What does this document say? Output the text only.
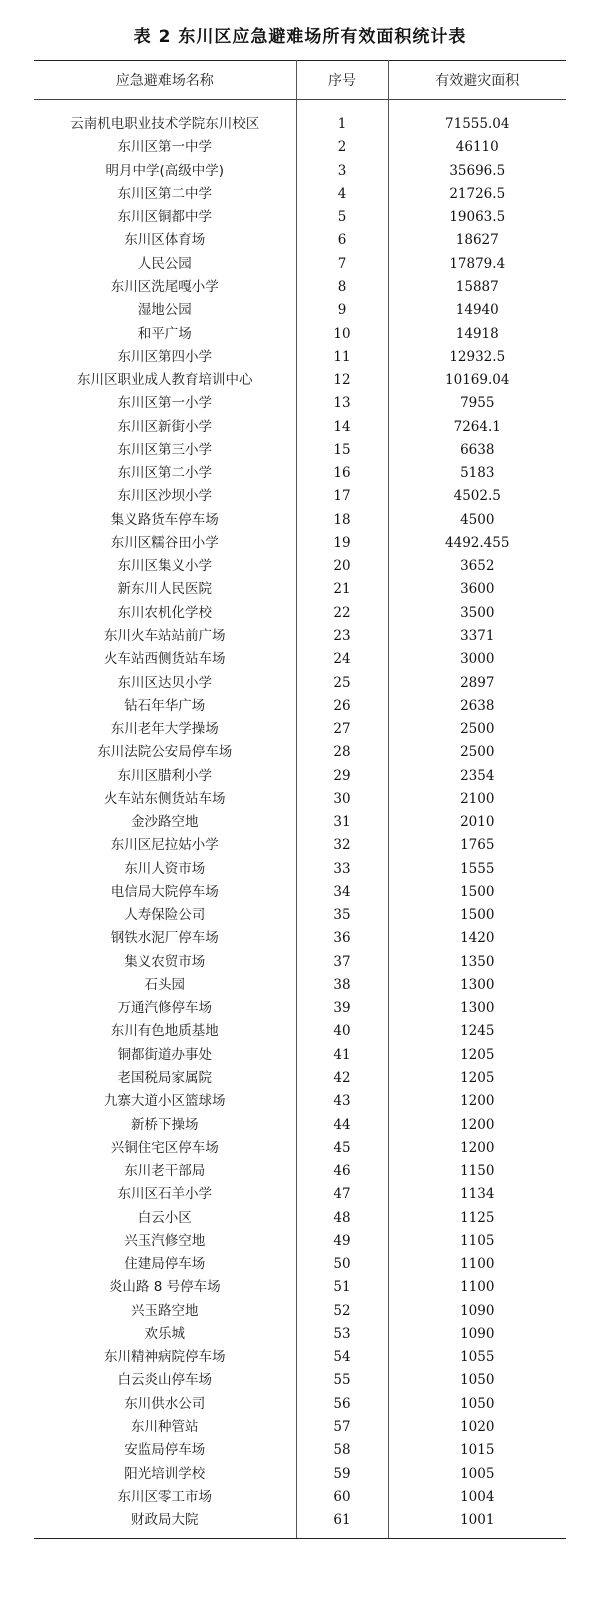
表 2 东川区应急避难场所有效面积统计表
应急避难场名称	序号	有效避灾面积

云南机电职业技术学院东川校区	1	71555.04
东川区第一中学	2	46110
明月中学(高级中学)	3	35696.5
东川区第二中学	4	21726.5
东川区铜都中学	5	19063.5
东川区体育场	6	18627
人民公园	7	17879.4
东川区洗尾嘎小学	8	15887
湿地公园	9	14940
和平广场	10	14918
东川区第四小学	11	12932.5
东川区职业成人教育培训中心	12	10169.04
东川区第一小学	13	7955
东川区新街小学	14	7264.1
东川区第三小学	15	6638
东川区第二小学	16	5183
东川区沙坝小学	17	4502.5
集义路货车停车场	18	4500
东川区糯谷田小学	19	4492.455
东川区集义小学	20	3652
新东川人民医院	21	3600
东川农机化学校	22	3500
东川火车站站前广场	23	3371
火车站西侧货站车场	24	3000
东川区达贝小学	25	2897
钻石年华广场	26	2638
东川老年大学操场	27	2500
东川法院公安局停车场	28	2500
东川区腊利小学	29	2354
火车站东侧货站车场	30	2100
金沙路空地	31	2010
东川区尼拉姑小学	32	1765
东川人资市场	33	1555
电信局大院停车场	34	1500
人寿保险公司	35	1500
钢铁水泥厂停车场	36	1420
集义农贸市场	37	1350
石头园	38	1300
万通汽修停车场	39	1300
东川有色地质基地	40	1245
铜都街道办事处	41	1205
老国税局家属院	42	1205
九寨大道小区篮球场	43	1200
新桥下操场	44	1200
兴铜住宅区停车场	45	1200
东川老干部局	46	1150
东川区石羊小学	47	1134
白云小区	48	1125
兴玉汽修空地	49	1105
住建局停车场	50	1100
炎山路 8 号停车场	51	1100
兴玉路空地	52	1090
欢乐城	53	1090
东川精神病院停车场	54	1055
白云炎山停车场	55	1050
东川供水公司	56	1050
东川种管站	57	1020
安监局停车场	58	1015
阳光培训学校	59	1005
东川区零工市场	60	1004
财政局大院	61	1001
